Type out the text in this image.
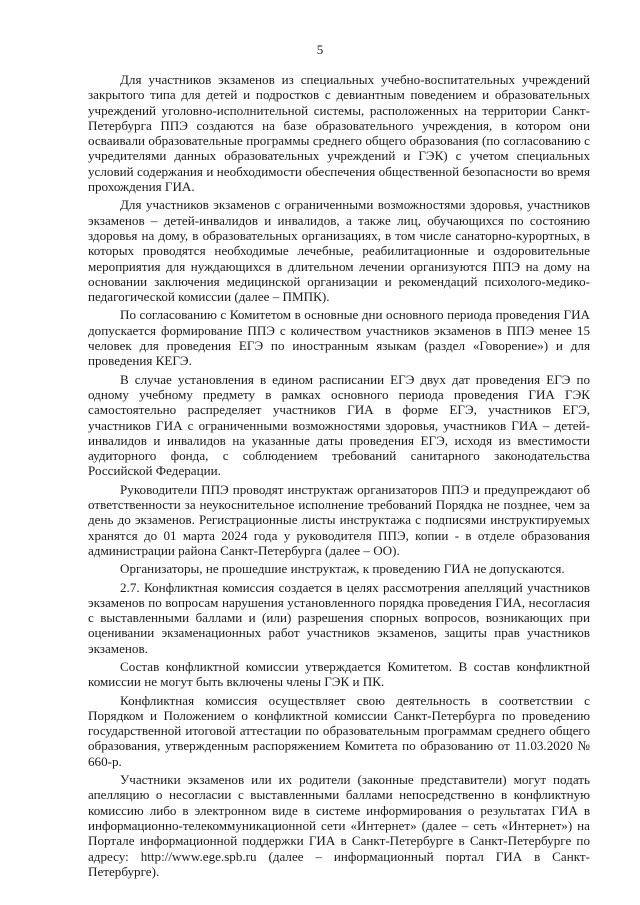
5

Для участников экзаменов из специальных учебно-воспитательных учреждений закрытого типа для детей и подростков с девиантным поведением и образовательных учреждений уголовно-исполнительной системы, расположенных на территории Санкт-Петербурга ППЭ создаются на базе образовательного учреждения, в котором они осваивали образовательные программы среднего общего образования (по согласованию с учредителями данных образовательных учреждений и ГЭК) с учетом специальных условий содержания и необходимости обеспечения общественной безопасности во время прохождения ГИА.

Для участников экзаменов с ограниченными возможностями здоровья, участников экзаменов – детей-инвалидов и инвалидов, а также лиц, обучающихся по состоянию здоровья на дому, в образовательных организациях, в том числе санаторно-курортных, в которых проводятся необходимые лечебные, реабилитационные и оздоровительные мероприятия для нуждающихся в длительном лечении организуются ППЭ на дому на основании заключения медицинской организации и рекомендаций психолого-медико-педагогической комиссии (далее – ПМПК).

По согласованию с Комитетом в основные дни основного периода проведения ГИА допускается формирование ППЭ с количеством участников экзаменов в ППЭ менее 15 человек для проведения ЕГЭ по иностранным языкам (раздел «Говорение») и для проведения КЕГЭ.

В случае установления в едином расписании ЕГЭ двух дат проведения ЕГЭ по одному учебному предмету в рамках основного периода проведения ГИА ГЭК самостоятельно распределяет участников ГИА в форме ЕГЭ, участников ЕГЭ, участников ГИА с ограниченными возможностями здоровья, участников ГИА – детей-инвалидов и инвалидов на указанные даты проведения ЕГЭ, исходя из вместимости аудиторного фонда, с соблюдением требований санитарного законодательства Российской Федерации.

Руководители ППЭ проводят инструктаж организаторов ППЭ и предупреждают об ответственности за неукоснительное исполнение требований Порядка не позднее, чем за день до экзаменов. Регистрационные листы инструктажа с подписями инструктируемых хранятся до 01 марта 2024 года у руководителя ППЭ, копии - в отделе образования администрации района Санкт-Петербурга (далее – ОО).

Организаторы, не прошедшие инструктаж, к проведению ГИА не допускаются.

2.7. Конфликтная комиссия создается в целях рассмотрения апелляций участников экзаменов по вопросам нарушения установленного порядка проведения ГИА, несогласия с выставленными баллами и (или) разрешения спорных вопросов, возникающих при оценивании экзаменационных работ участников экзаменов, защиты прав участников экзаменов.

Состав конфликтной комиссии утверждается Комитетом. В состав конфликтной комиссии не могут быть включены члены ГЭК и ПК.

Конфликтная комиссия осуществляет свою деятельность в соответствии с Порядком и Положением о конфликтной комиссии Санкт-Петербурга по проведению государственной итоговой аттестации по образовательным программам среднего общего образования, утвержденным распоряжением Комитета по образованию от 11.03.2020 № 660-р.

Участники экзаменов или их родители (законные представители) могут подать апелляцию о несогласии с выставленными баллами непосредственно в конфликтную комиссию либо в электронном виде в системе информирования о результатах ГИА в информационно-телекоммуникационной сети «Интернет» (далее – сеть «Интернет») на Портале информационной поддержки ГИА в Санкт-Петербурге в Санкт-Петербурге по адресу: http://www.ege.spb.ru (далее – информационный портал ГИА в Санкт-Петербурге).
